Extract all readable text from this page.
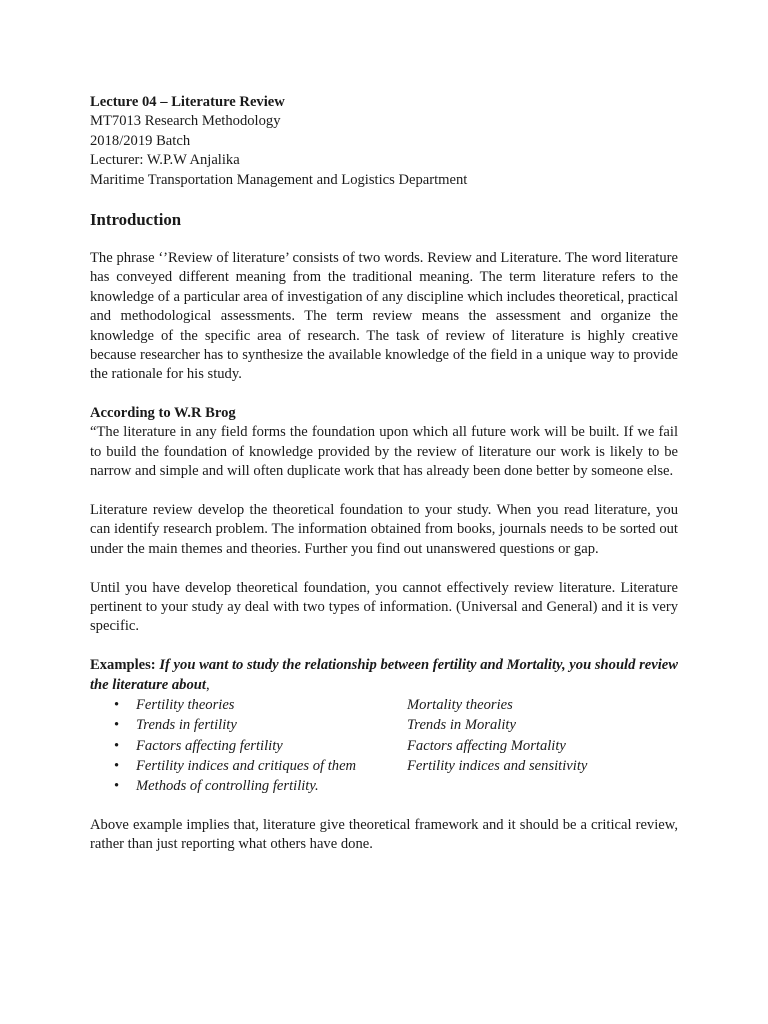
Lecture 04 – Literature Review
MT7013 Research Methodology
2018/2019 Batch
Lecturer: W.P.W Anjalika
Maritime Transportation Management and Logistics Department
Introduction

The phrase ‘’Review of literature’ consists of two words. Review and Literature. The word literature has conveyed different meaning from the traditional meaning. The term literature refers to the knowledge of a particular area of investigation of any discipline which includes theoretical, practical and methodological assessments. The term review means the assessment and organize the knowledge of the specific area of research. The task of review of literature is highly creative because researcher has to synthesize the available knowledge of the field in a unique way to provide the rationale for his study.

According to W.R Brog

“The literature in any field forms the foundation upon which all future work will be built. If we fail to build the foundation of knowledge provided by the review of literature our work is likely to be narrow and simple and will often duplicate work that has already been done better by someone else.

Literature review develop the theoretical foundation to your study. When you read literature, you can identify research problem. The information obtained from books, journals needs to be sorted out under the main themes and theories. Further you find out unanswered questions or gap.

Until you have develop theoretical foundation, you cannot effectively review literature. Literature pertinent to your study ay deal with two types of information. (Universal and General) and it is very specific.

Examples: If you want to study the relationship between fertility and Mortality, you should review the literature about,

• Fertility theories	Mortality theories
• Trends in fertility	Trends in Morality
• Factors affecting fertility	Factors affecting Mortality
• Fertility indices and critiques of them	Fertility indices and sensitivity
• Methods of controlling fertility.

Above example implies that, literature give theoretical framework and it should be a critical review, rather than just reporting what others have done.
